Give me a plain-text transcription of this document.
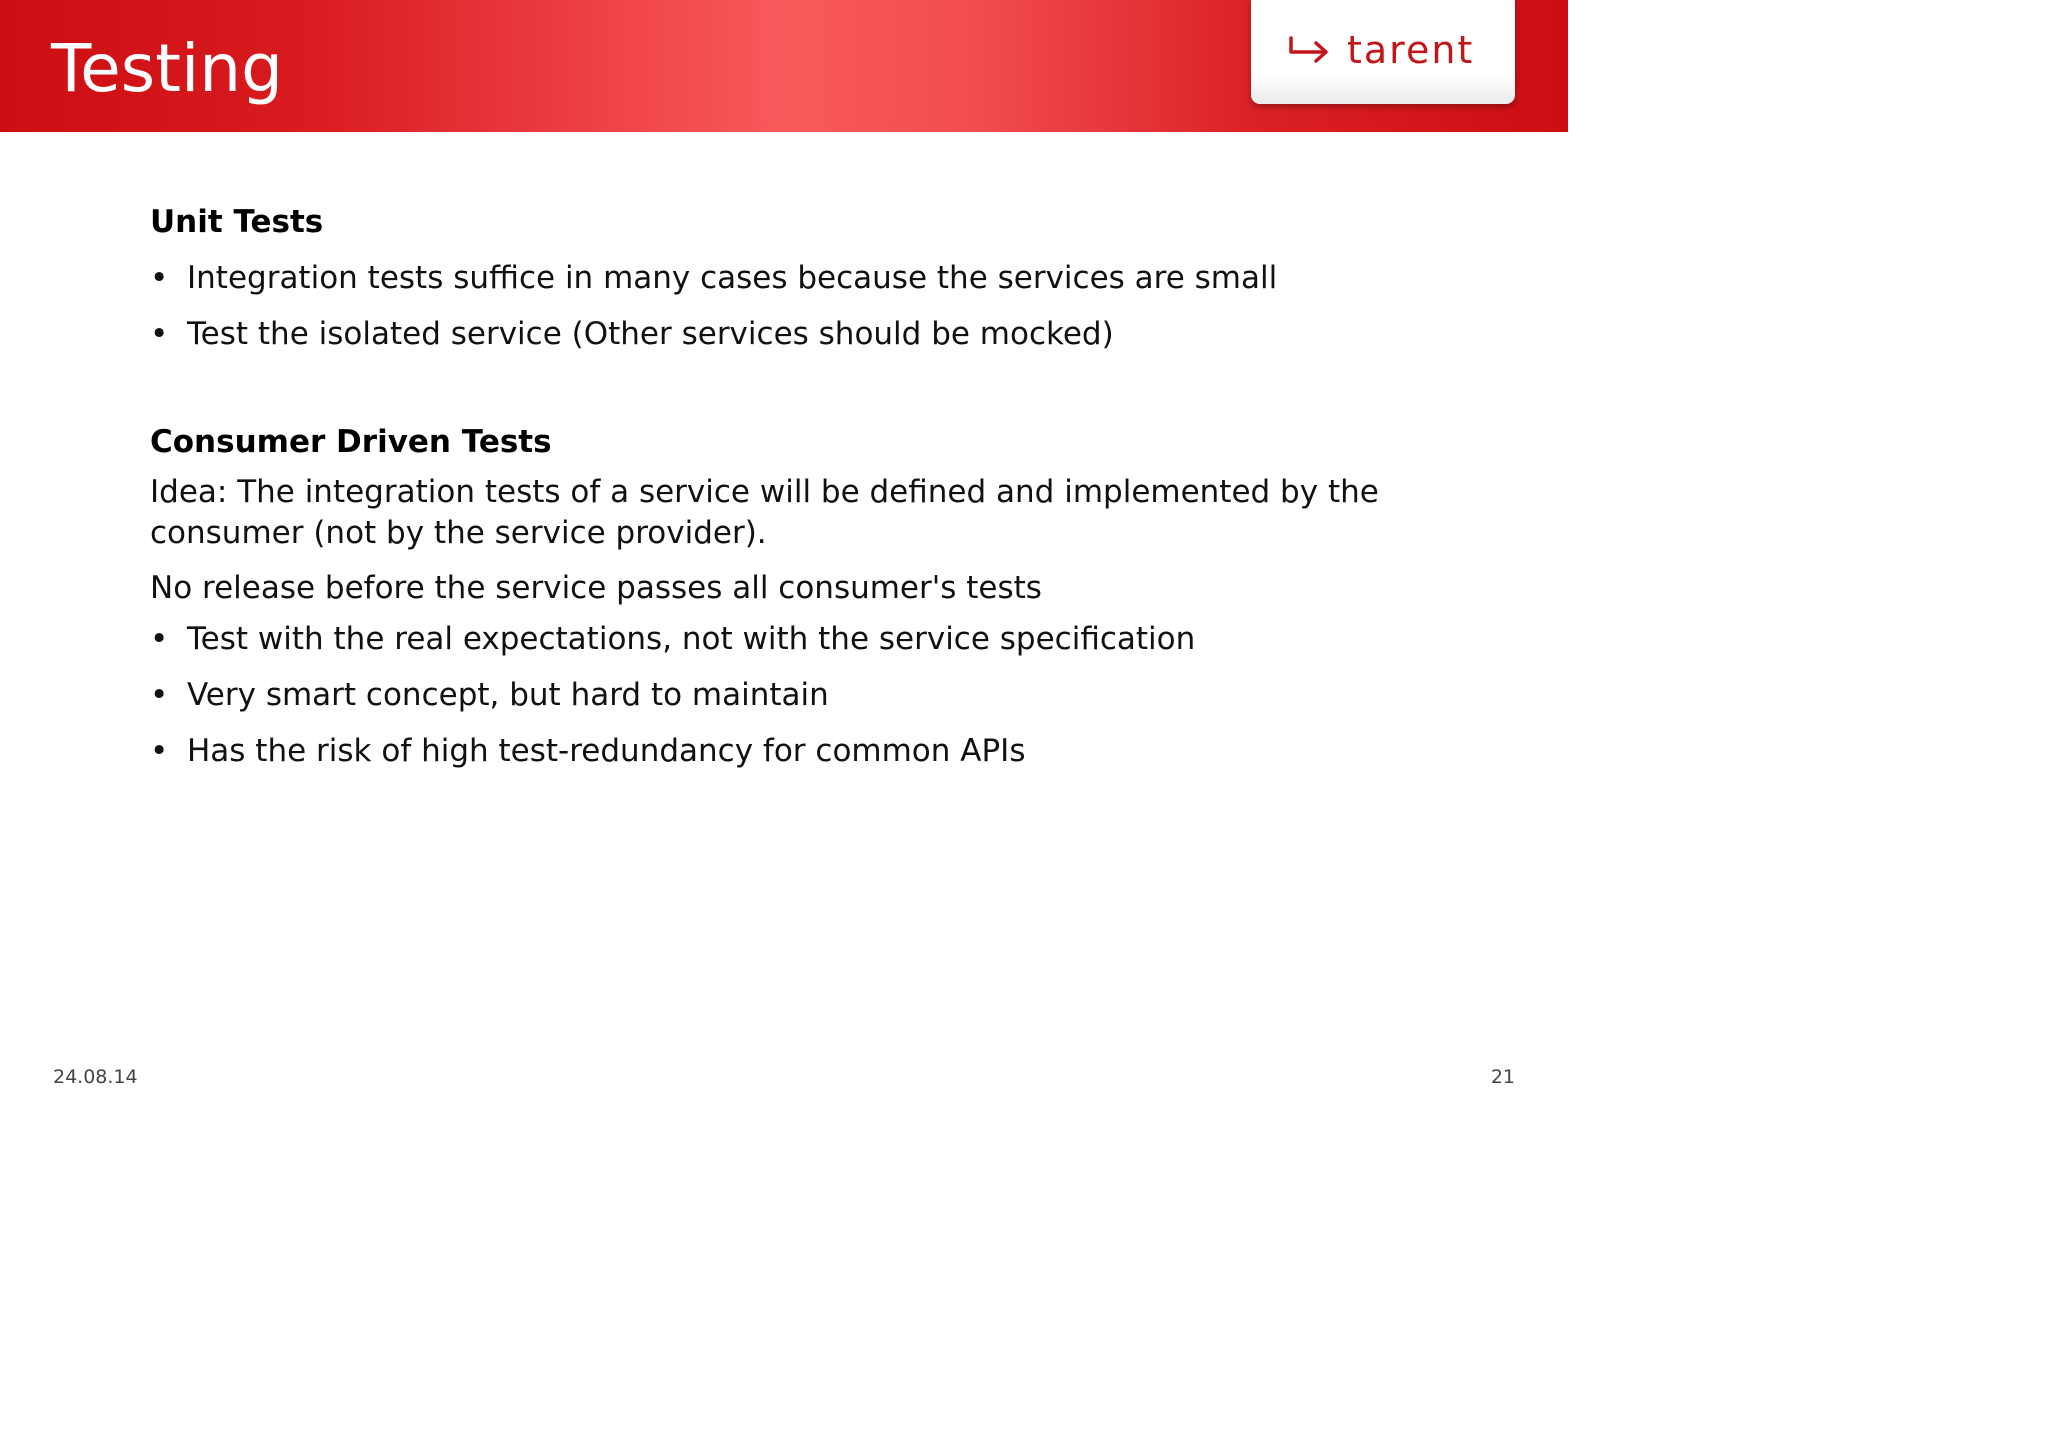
Testing	tarent
Unit Tests
• Integration tests suffice in many cases because the services are small
• Test the isolated service (Other services should be mocked)
Consumer Driven Tests

Idea: The integration tests of a service will be defined and implemented by the consumer (not by the service provider).

No release before the service passes all consumer's tests

• Test with the real expectations, not with the service specification
• Very smart concept, but hard to maintain
• Has the risk of high test-redundancy for common APIs
24.08.14	21
